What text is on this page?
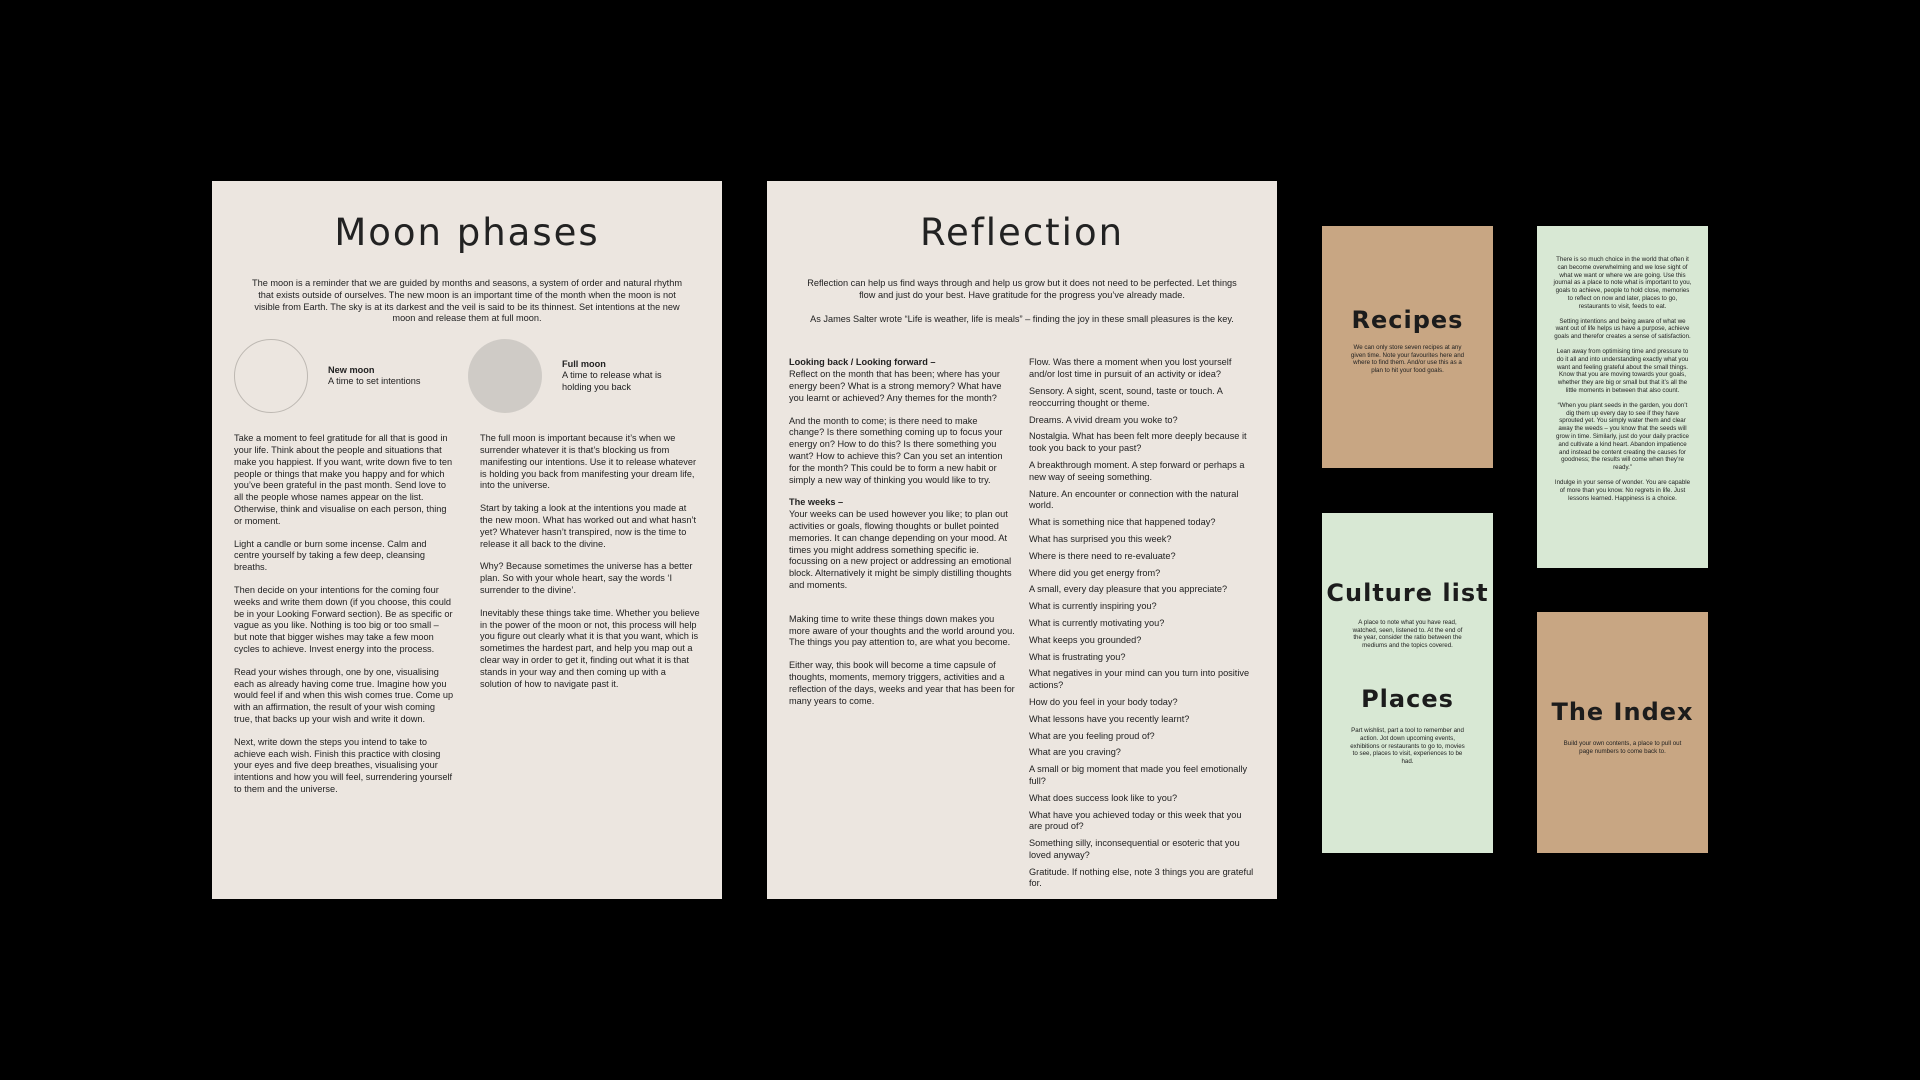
Moon phases

The moon is a reminder that we are guided by months and seasons, a system of order and natural rhythm that exists outside of ourselves. The new moon is an important time of the month when the moon is not visible from Earth. The sky is at its darkest and the veil is said to be its thinnest. Set intentions at the new moon and release them at full moon.

New moon
A time to set intentions
Full moon
A time to release what is holding you back

Take a moment to feel gratitude for all that is good in your life. Think about the people and situations that make you happiest. If you want, write down five to ten people or things that make you happy and for which you’ve been grateful in the past month. Send love to all the people whose names appear on the list. Otherwise, think and visualise on each person, thing or moment.

Light a candle or burn some incense. Calm and centre yourself by taking a few deep, cleansing breaths.

Then decide on your intentions for the coming four weeks and write them down (if you choose, this could be in your Looking Forward section). Be as specific or vague as you like. Nothing is too big or too small – but note that bigger wishes may take a few moon cycles to achieve. Invest energy into the process.

Read your wishes through, one by one, visualising each as already having come true. Imagine how you would feel if and when this wish comes true. Come up with an affirmation, the result of your wish coming true, that backs up your wish and write it down.

Next, write down the steps you intend to take to achieve each wish. Finish this practice with closing your eyes and five deep breathes, visualising your intentions and how you will feel, surrendering yourself to them and the universe.

The full moon is important because it’s when we surrender whatever it is that’s blocking us from manifesting our intentions. Use it to release whatever is holding you back from manifesting your dream life, into the universe.

Start by taking a look at the intentions you made at the new moon. What has worked out and what hasn’t yet? Whatever hasn’t transpired, now is the time to release it all back to the divine.

Why? Because sometimes the universe has a better plan. So with your whole heart, say the words ‘I surrender to the divine’.

Inevitably these things take time. Whether you believe in the power of the moon or not, this process will help you figure out clearly what it is that you want, which is sometimes the hardest part, and help you map out a clear way in order to get it, finding out what it is that stands in your way and then coming up with a solution of how to navigate past it.

Reflection

Reflection can help us find ways through and help us grow but it does not need to be perfected. Let things flow and just do your best. Have gratitude for the progress you’ve already made.

As James Salter wrote “Life is weather, life is meals” – finding the joy in these small pleasures is the key.

Looking back / Looking forward –
Reflect on the month that has been; where has your energy been? What is a strong memory? What have you learnt or achieved? Any themes for the month?

And the month to come; is there need to make change? Is there something coming up to focus your energy on? How to do this? Is there something you want? How to achieve this? Can you set an intention for the month? This could be to form a new habit or simply a new way of thinking you would like to try.

The weeks –
Your weeks can be used however you like; to plan out activities or goals, flowing thoughts or bullet pointed memories. It can change depending on your mood. At times you might address something specific ie. focussing on a new project or addressing an emotional block. Alternatively it might be simply distilling thoughts and moments.

Making time to write these things down makes you more aware of your thoughts and the world around you. The things you pay attention to, are what you become.

Either way, this book will become a time capsule of thoughts, moments, memory triggers, activities and a reflection of the days, weeks and year that has been for many years to come.

Flow. Was there a moment when you lost yourself and/or lost time in pursuit of an activity or idea?

Sensory. A sight, scent, sound, taste or touch. A reoccurring thought or theme.

Dreams. A vivid dream you woke to?

Nostalgia. What has been felt more deeply because it took you back to your past?

A breakthrough moment. A step forward or perhaps a new way of seeing something.

Nature. An encounter or connection with the natural world.

What is something nice that happened today?

What has surprised you this week?

Where is there need to re-evaluate?

Where did you get energy from?

A small, every day pleasure that you appreciate?

What is currently inspiring you?

What is currently motivating you?

What keeps you grounded?

What is frustrating you?

What negatives in your mind can you turn into positive actions?

How do you feel in your body today?

What lessons have you recently learnt?

What are you feeling proud of?

What are you craving?

A small or big moment that made you feel emotionally full?

What does success look like to you?

What have you achieved today or this week that you are proud of?

Something silly, inconsequential or esoteric that you loved anyway?

Gratitude. If nothing else, note 3 things you are grateful for.

Recipes
We can only store seven recipes at any given time. Note your favourites here and where to find them. And/or use this as a plan to hit your food goals.

There is so much choice in the world that often it can become overwhelming and we lose sight of what we want or where we are going. Use this journal as a place to note what is important to you, goals to achieve, people to hold close, memories to reflect on now and later, places to go, restaurants to visit, feeds to eat.

Setting intentions and being aware of what we want out of life helps us have a purpose, achieve goals and therefor creates a sense of satisfaction.

Lean away from optimising time and pressure to do it all and into understanding exactly what you want and feeling grateful about the small things. Know that you are moving towards your goals, whether they are big or small but that it’s all the little moments in between that also count.

“When you plant seeds in the garden, you don’t dig them up every day to see if they have sprouted yet. You simply water them and clear away the weeds – you know that the seeds will grow in time. Similarly, just do your daily practice and cultivate a kind heart. Abandon impatience and instead be content creating the causes for goodness; the results will come when they’re ready.”

Indulge in your sense of wonder. You are capable of more than you know. No regrets in life. Just lessons learned. Happiness is a choice.

Culture list
A place to note what you have read, watched, seen, listened to. At the end of the year, consider the ratio between the mediums and the topics covered.
Places
Part wishlist, part a tool to remember and action. Jot down upcoming events, exhibitions or restaurants to go to, movies to see, places to visit, experiences to be had.
The Index
Build your own contents, a place to pull out page numbers to come back to.
